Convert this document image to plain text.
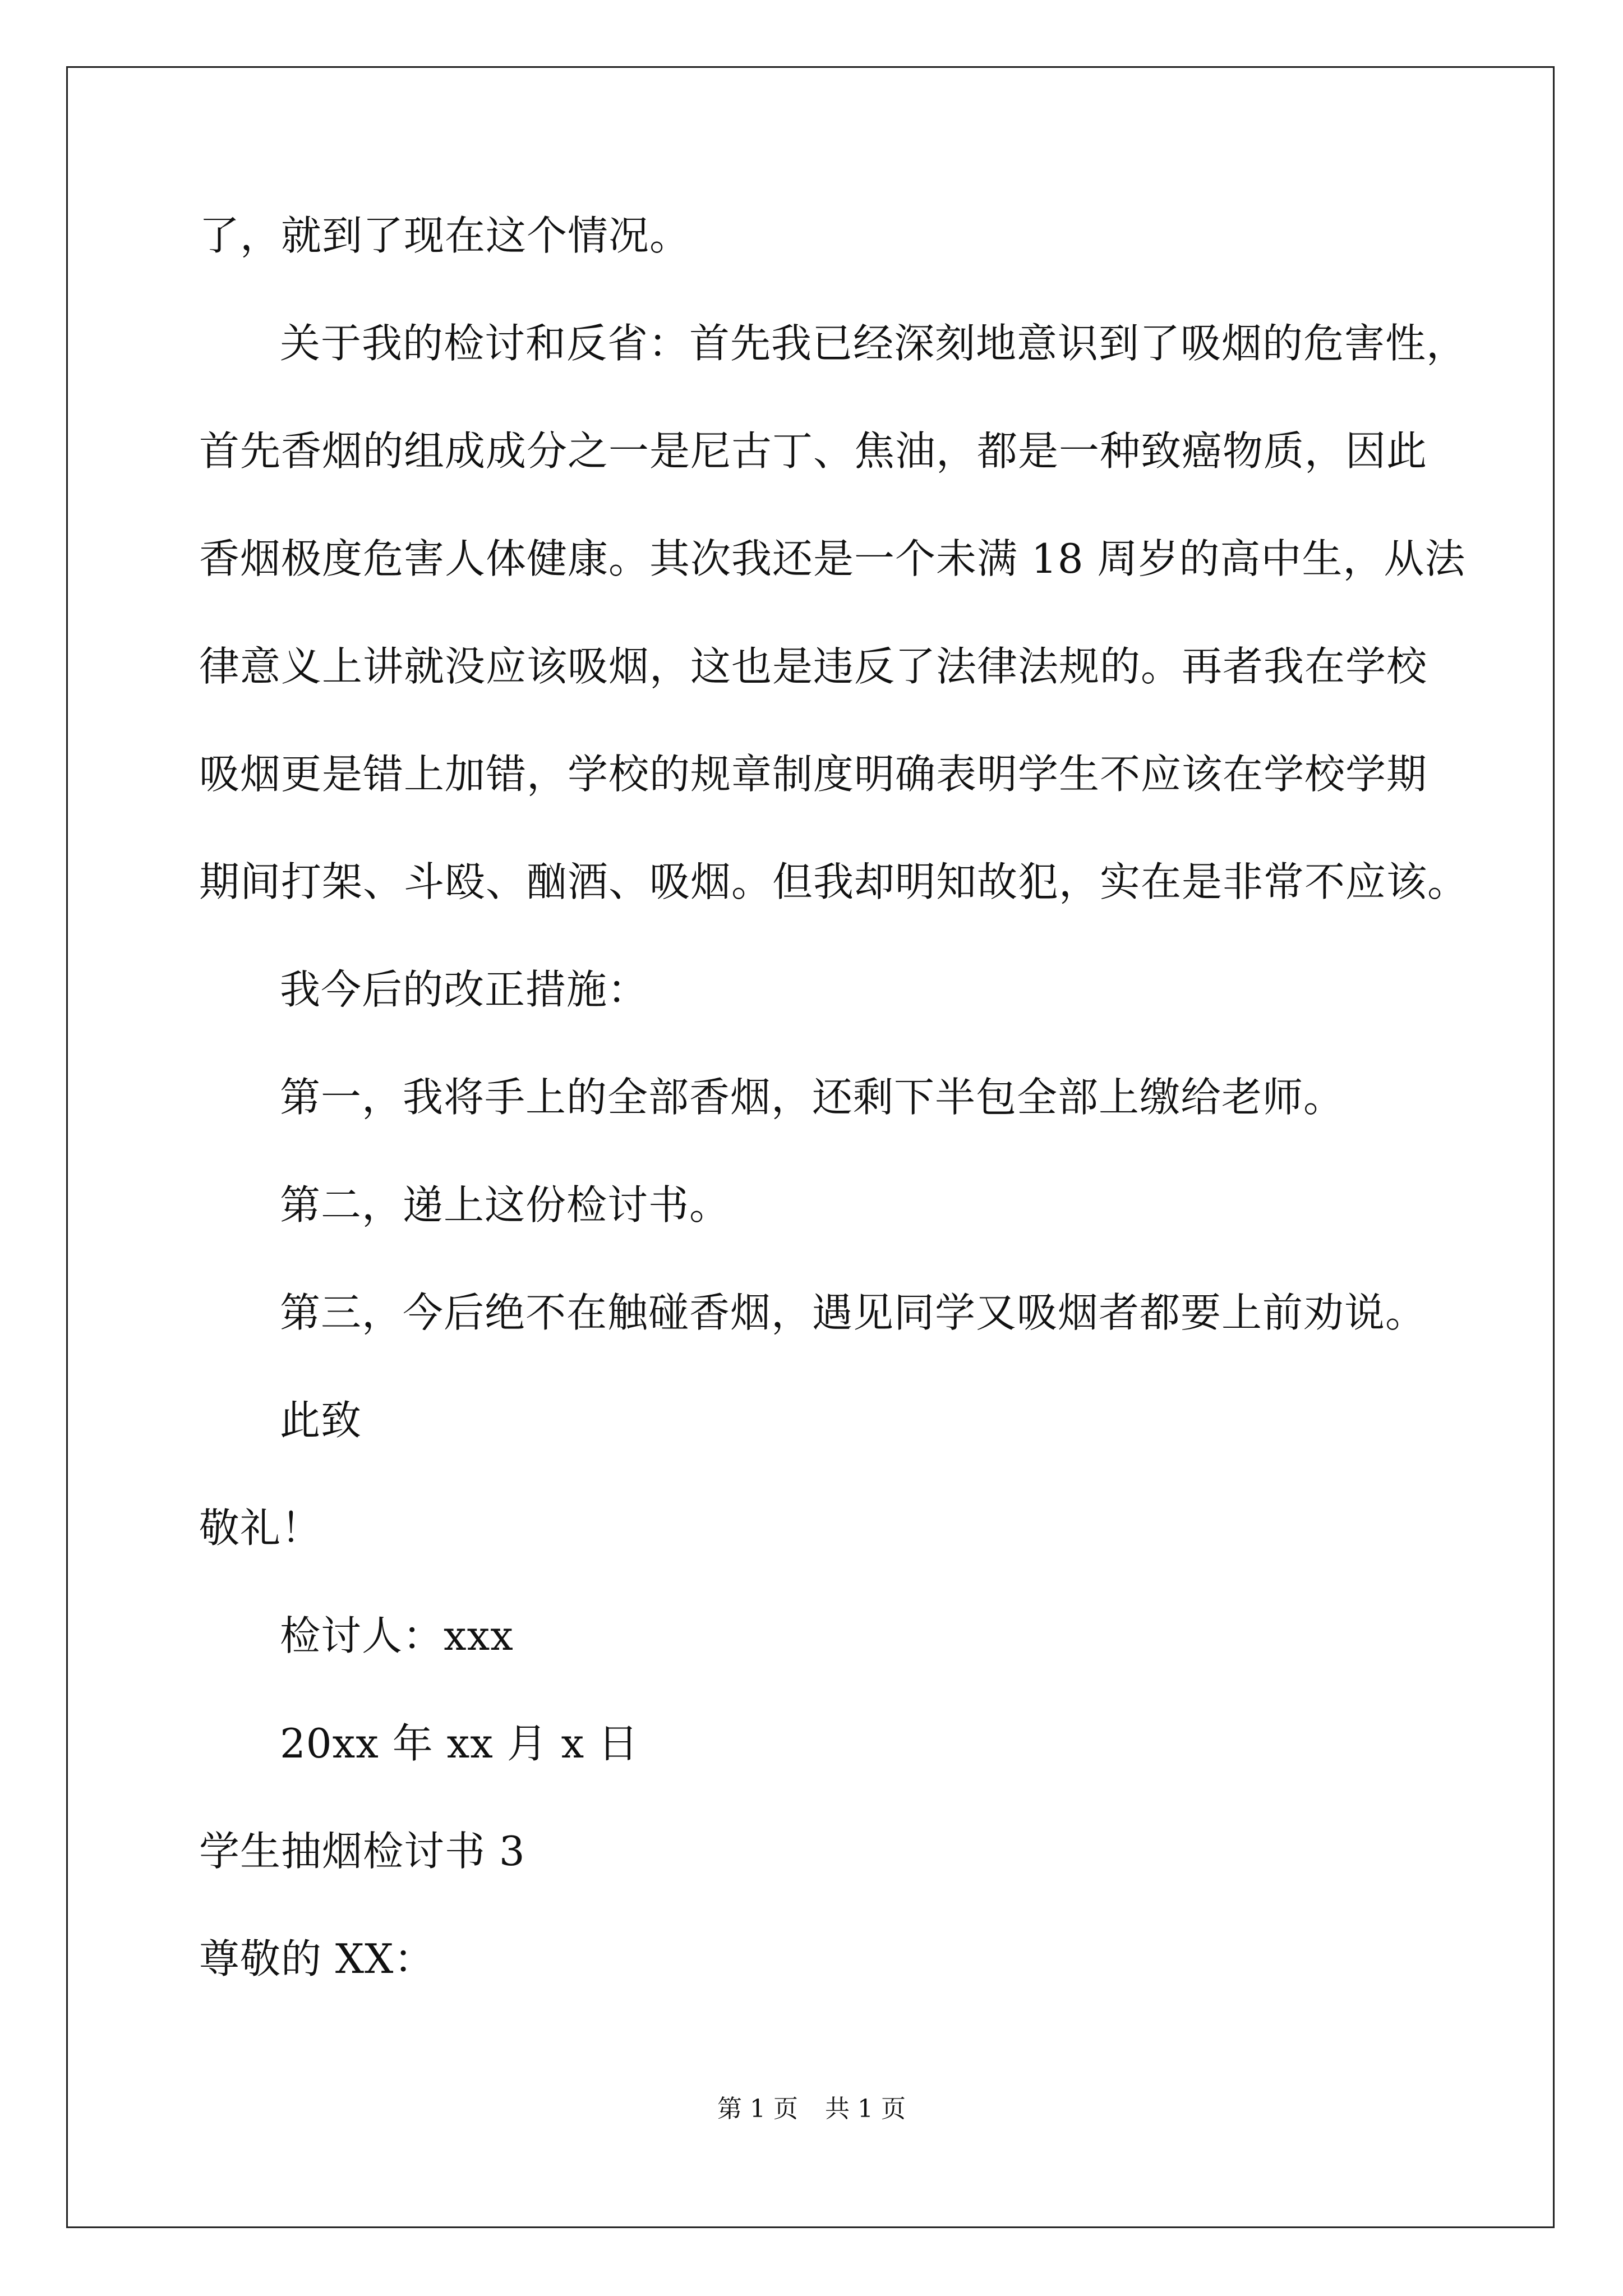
了，就到了现在这个情况。
关于我的检讨和反省：首先我已经深刻地意识到了吸烟的危害性，
首先香烟的组成成分之一是尼古丁、焦油，都是一种致癌物质，因此
香烟极度危害人体健康。其次我还是一个未满 18 周岁的高中生，从法
律意义上讲就没应该吸烟，这也是违反了法律法规的。再者我在学校
吸烟更是错上加错，学校的规章制度明确表明学生不应该在学校学期
期间打架、斗殴、酗酒、吸烟。但我却明知故犯，实在是非常不应该。
我今后的改正措施：
第一，我将手上的全部香烟，还剩下半包全部上缴给老师。
第二，递上这份检讨书。
第三，今后绝不在触碰香烟，遇见同学又吸烟者都要上前劝说。
此致
敬礼！
检讨人：xxx
20xx 年 xx 月 x 日
学生抽烟检讨书 3
尊敬的 XX：
第 1 页 共 1 页
